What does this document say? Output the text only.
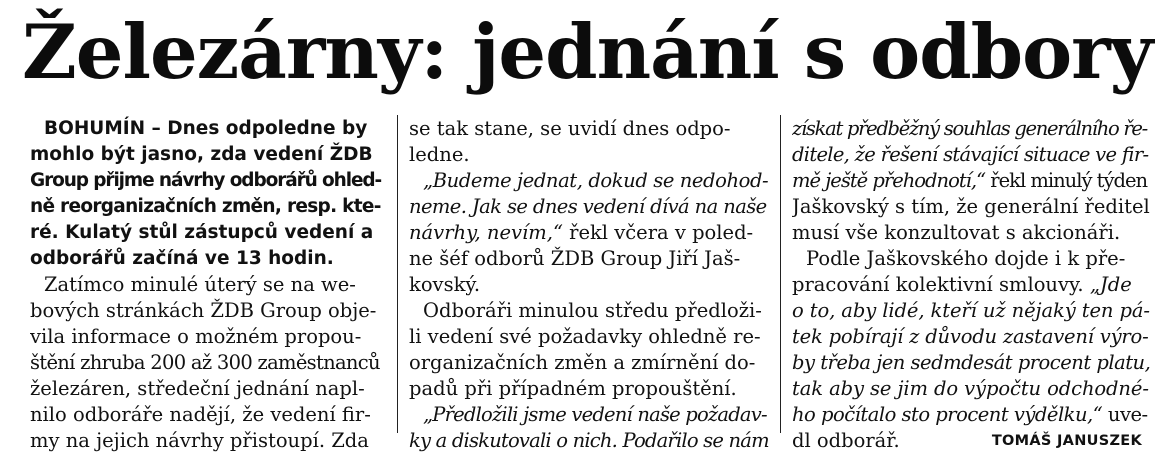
Železárny: jednání s odbory
BOHUMÍN – Dnes odpoledne by
mohlo být jasno, zda vedení ŽDB
Group přijme návrhy odborářů ohled-
ně reorganizačních změn, resp. kte-
ré. Kulatý stůl zástupců vedení a
odborářů začíná ve 13 hodin.
Zatímco minulé úterý se na we-
bových stránkách ŽDB Group obje-
vila informace o možném propou-
štění zhruba 200 až 300 zaměstnanců
železáren, středeční jednání napl-
nilo odboráře nadějí, že vedení fir-
my na jejich návrhy přistoupí. Zda
se tak stane, se uvidí dnes odpo-
ledne.
„Budeme jednat, dokud se nedohod-
neme. Jak se dnes vedení dívá na naše
návrhy, nevím,“ řekl včera v poled-
ne šéf odborů ŽDB Group Jiří Jaš-
kovský.
Odboráři minulou středu předloži-
li vedení své požadavky ohledně re-
organizačních změn a zmírnění do-
padů při případném propouštění.
„Předložili jsme vedení naše požadav-
ky a diskutovali o nich. Podařilo se nám
získat předběžný souhlas generálního ře-
ditele, že řešení stávající situace ve fir-
mě ještě přehodnotí,“ řekl minulý týden
Jaškovský s tím, že generální ředitel
musí vše konzultovat s akcionáři.
Podle Jaškovského dojde i k pře-
pracování kolektivní smlouvy. „Jde
o to, aby lidé, kteří už nějaký ten pá-
tek pobírají z důvodu zastavení výro-
by třeba jen sedmdesát procent platu,
tak aby se jim do výpočtu odchodné-
ho počítalo sto procent výdělku,“ uve-
dl odborář.	TOMÁŠ JANUSZEK
